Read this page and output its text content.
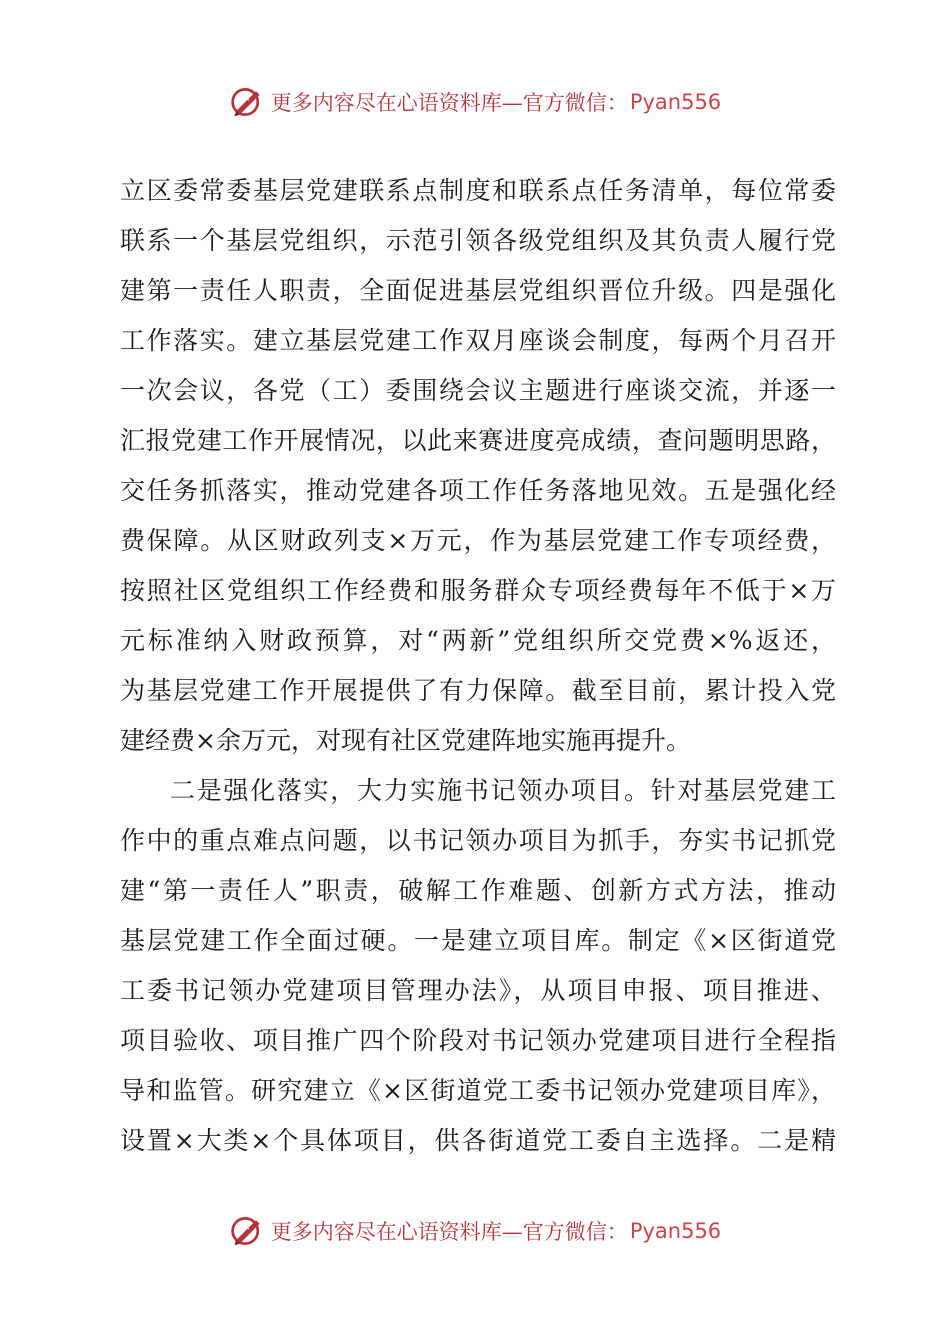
更多内容尽在心语资料库—官方微信： Pyan556
立区委常委基层党建联系点制度和联系点任务清单，每位常委
联系一个基层党组织，示范引领各级党组织及其负责人履行党
建第一责任人职责，全面促进基层党组织晋位升级。四是强化
工作落实。建立基层党建工作双月座谈会制度，每两个月召开
一次会议，各党（工）委围绕会议主题进行座谈交流，并逐一
汇报党建工作开展情况，以此来赛进度亮成绩，查问题明思路，
交任务抓落实，推动党建各项工作任务落地见效。五是强化经
费保障。从区财政列支×万元，作为基层党建工作专项经费，
按照社区党组织工作经费和服务群众专项经费每年不低于×万
元标准纳入财政预算，对“两新”党组织所交党费×%返还，
为基层党建工作开展提供了有力保障。截至目前，累计投入党
建经费×余万元，对现有社区党建阵地实施再提升。
二是强化落实，大力实施书记领办项目。针对基层党建工
作中的重点难点问题，以书记领办项目为抓手，夯实书记抓党
建“第一责任人”职责，破解工作难题、创新方式方法，推动
基层党建工作全面过硬。一是建立项目库。制定《×区街道党
工委书记领办党建项目管理办法》，从项目申报、项目推进、
项目验收、项目推广四个阶段对书记领办党建项目进行全程指
导和监管。研究建立《×区街道党工委书记领办党建项目库》，
设置×大类×个具体项目，供各街道党工委自主选择。二是精
更多内容尽在心语资料库—官方微信： Pyan556
